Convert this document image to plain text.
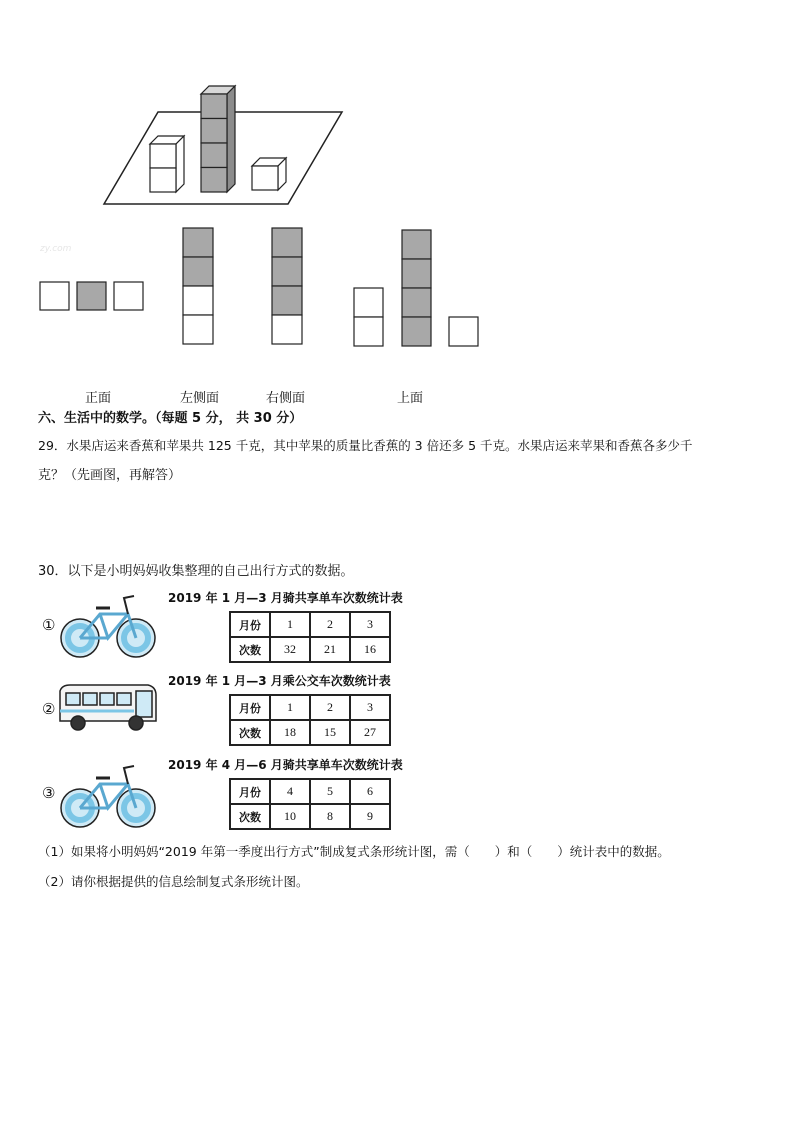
zy.com
正面	左侧面	右侧面	上面
六、生活中的数学。（每题 5 分， 共 30 分）
29．水果店运来香蕉和苹果共 125 千克，其中苹果的质量比香蕉的 3 倍还多 5 千克。水果店运来苹果和香蕉各多少千
克？（先画图，再解答）
30．以下是小明妈妈收集整理的自己出行方式的数据。
①
2019 年 1 月—3 月骑共享单车次数统计表
月份	1	2	3
次数	32	21	16
②
2019 年 1 月—3 月乘公交车次数统计表
月份	1	2	3
次数	18	15	27
③
2019 年 4 月—6 月骑共享单车次数统计表
月份	4	5	6
次数	10	8	9
（1）如果将小明妈妈“2019 年第一季度出行方式”制成复式条形统计图，需（　　）和（　　）统计表中的数据。
（2）请你根据提供的信息绘制复式条形统计图。
